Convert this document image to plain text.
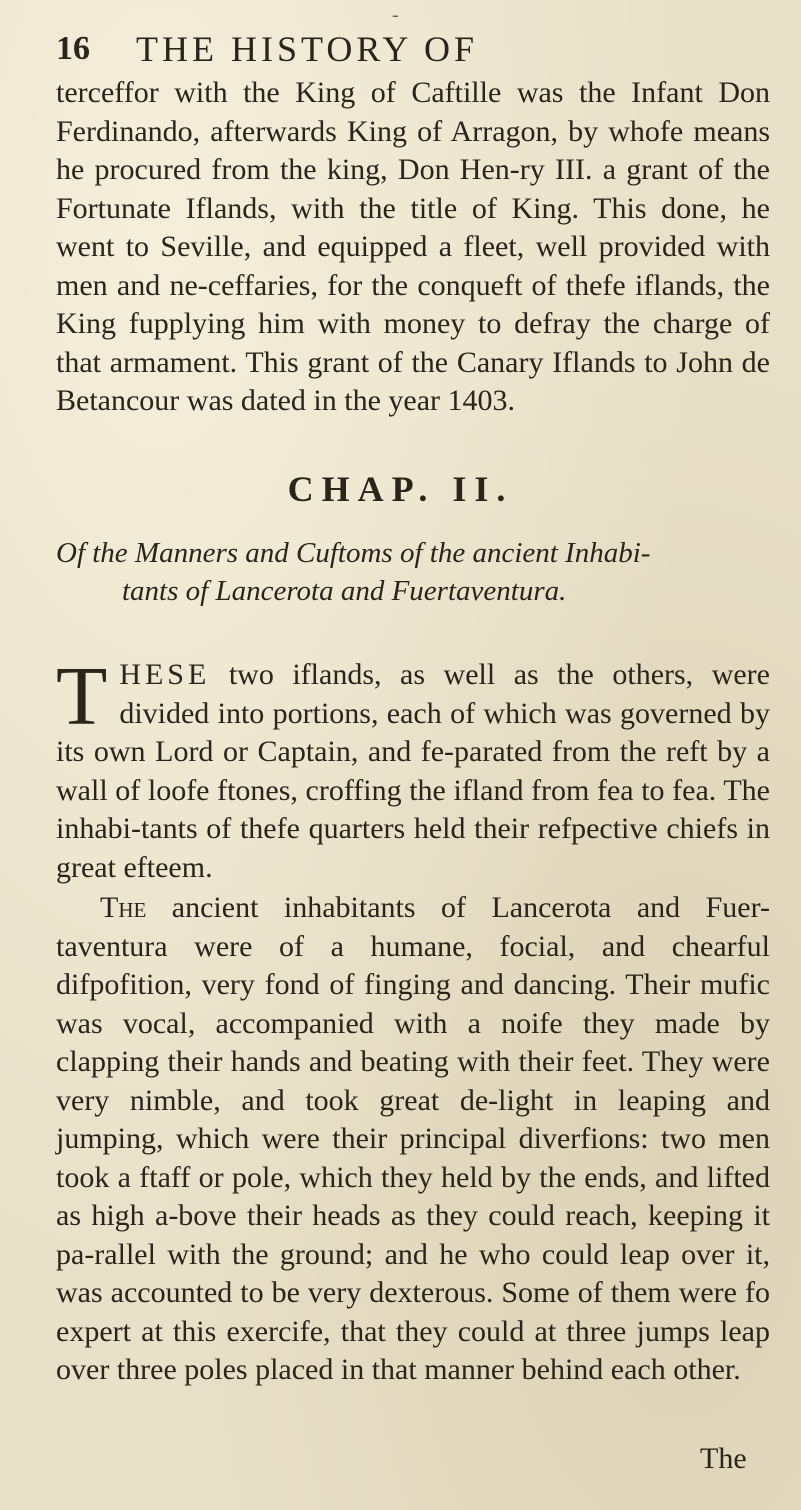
-
16 THE HISTORY OF

terceffor with the King of Caftille was the Infant Don Ferdinando, afterwards King of Arragon, by whofe means he procured from the king, Don Hen-ry III. a grant of the Fortunate Iflands, with the title of King. This done, he went to Seville, and equipped a fleet, well provided with men and ne-ceffaries, for the conqueft of thefe iflands, the King fupplying him with money to defray the charge of that armament. This grant of the Canary Iflands to John de Betancour was dated in the year 1403.

CHAP. II.

Of the Manners and Cuftoms of the ancient Inhabi-
tants of Lancerota and Fuertaventura.

THESE two iflands, as well as the others, were divided into portions, each of which was governed by its own Lord or Captain, and fe-parated from the reft by a wall of loofe ftones, croffing the ifland from fea to fea. The inhabi-tants of thefe quarters held their refpective chiefs in great efteem.

The ancient inhabitants of Lancerota and Fuer-taventura were of a humane, focial, and chearful difpofition, very fond of finging and dancing. Their mufic was vocal, accompanied with a noife they made by clapping their hands and beating with their feet. They were very nimble, and took great de-light in leaping and jumping, which were their principal diverfions: two men took a ftaff or pole, which they held by the ends, and lifted as high a-bove their heads as they could reach, keeping it pa-rallel with the ground; and he who could leap over it, was accounted to be very dexterous. Some of them were fo expert at this exercife, that they could at three jumps leap over three poles placed in that manner behind each other.

The
